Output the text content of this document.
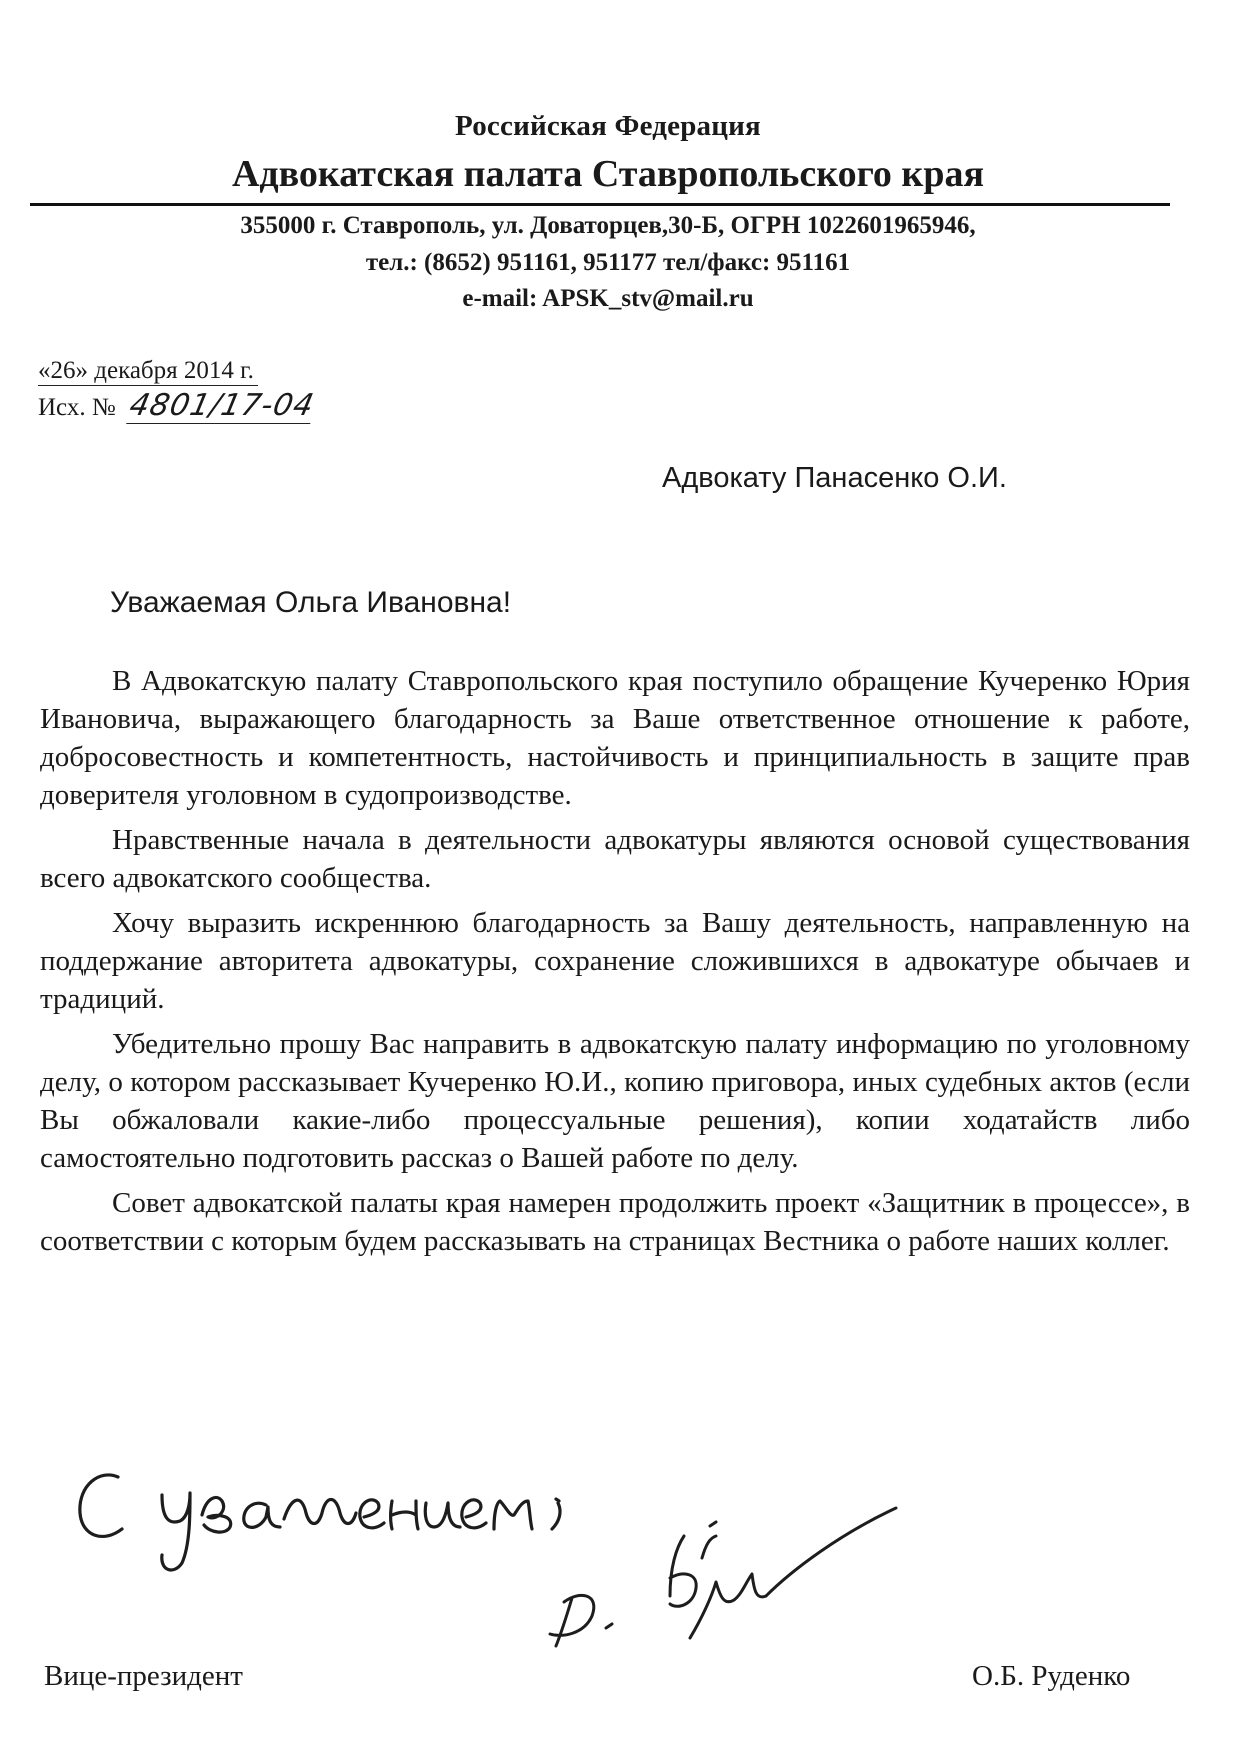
Российская Федерация
Адвокатская палата Ставропольского края
355000 г. Ставрополь, ул. Доваторцев,30-Б, ОГРН 1022601965946,
тел.: (8652) 951161, 951177 тел/факс: 951161
e-mail: APSK_stv@mail.ru
«26» декабря 2014 г.
Исх. № 4801/17-04
Адвокату Панасенко О.И.
Уважаемая Ольга Ивановна!

В Адвокатскую палату Ставропольского края поступило обращение Кучеренко Юрия Ивановича, выражающего благодарность за Ваше ответственное отношение к работе, добросовестность и компетентность, настойчивость и принципиальность в защите прав доверителя уголовном в судопроизводстве.

Нравственные начала в деятельности адвокатуры являются основой существования всего адвокатского сообщества.

Хочу выразить искреннюю благодарность за Вашу деятельность, направленную на поддержание авторитета адвокатуры, сохранение сложившихся в адвокатуре обычаев и традиций.

Убедительно прошу Вас направить в адвокатскую палату информацию по уголовному делу, о котором рассказывает Кучеренко Ю.И., копию приговора, иных судебных актов (если Вы обжаловали какие-либо процессуальные решения), копии ходатайств либо самостоятельно подготовить рассказ о Вашей работе по делу.

Совет адвокатской палаты края намерен продолжить проект «Защитник в процессе», в соответствии с которым будем рассказывать на страницах Вестника о работе наших коллег.

Вице-президент	О.Б. Руденко
